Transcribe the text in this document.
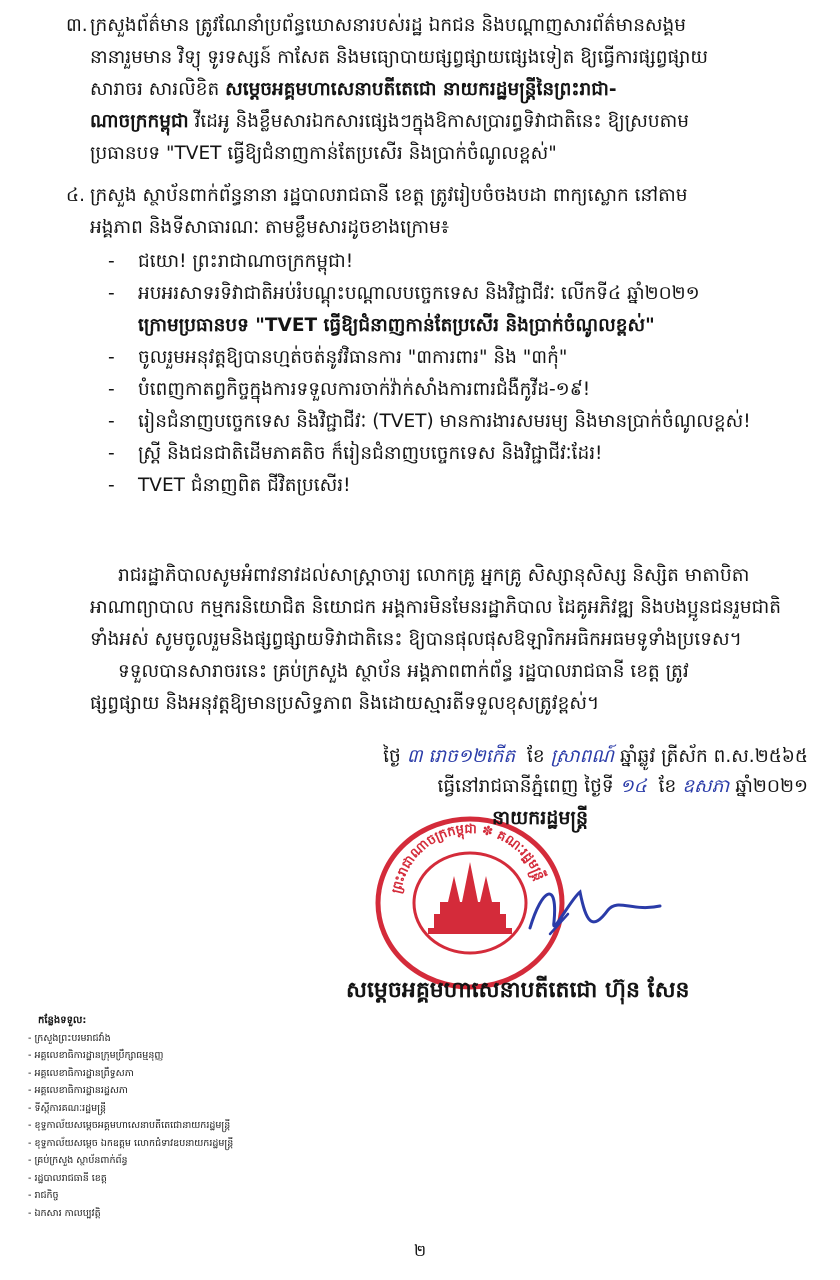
៣. ក្រសួងព័ត៌មាន ត្រូវណែនាំប្រព័ន្ធឃោសនារបស់រដ្ឋ ឯកជន និងបណ្តាញសារព័ត៌មានសង្គម
នានារួមមាន វិទ្យុ ទូរទស្សន៍ កាសែត និងមធ្យោបាយផ្សព្វផ្សាយផ្សេងទៀត ឱ្យធ្វើការផ្សព្វផ្សាយ
សារាចរ សារលិខិត សម្តេចអគ្គមហាសេនាបតីតេជោ នាយករដ្ឋមន្ត្រីនៃព្រះរាជា-
ណាចក្រកម្ពុជា វីដេអូ និងខ្លឹមសារឯកសារផ្សេងៗក្នុងឱកាសប្រារព្ធទិវាជាតិនេះ ឱ្យស្របតាម
ប្រធានបទ "TVET ធ្វើឱ្យជំនាញកាន់តែប្រសើរ និងប្រាក់ចំណូលខ្ពស់"
៤. ក្រសួង ស្ថាប័នពាក់ព័ន្ធនានា រដ្ឋបាលរាជធានី ខេត្ត ត្រូវរៀបចំចងបដា ពាក្យស្លោក នៅតាម
អង្គភាព និងទីសាធារណៈ តាមខ្លឹមសារដូចខាងក្រោម៖
- ជយោ! ព្រះរាជាណាចក្រកម្ពុជា!
- អបអរសាទរទិវាជាតិអប់រំបណ្តុះបណ្តាលបច្ចេកទេស និងវិជ្ជាជីវៈ លើកទី៤ ឆ្នាំ២០២១
ក្រោមប្រធានបទ "TVET ធ្វើឱ្យជំនាញកាន់តែប្រសើរ និងប្រាក់ចំណូលខ្ពស់"
- ចូលរួមអនុវត្តឱ្យបានហ្មត់ចត់នូវវិធានការ "៣ការពារ" និង "៣កុំ"
- បំពេញកាតព្វកិច្ចក្នុងការទទួលការចាក់វ៉ាក់សាំងការពារជំងឺកូវីដ-១៩!
- រៀនជំនាញបច្ចេកទេស និងវិជ្ជាជីវៈ (TVET) មានការងារសមរម្យ និងមានប្រាក់ចំណូលខ្ពស់!
- ស្ត្រី និងជនជាតិដើមភាគតិច ក៏រៀនជំនាញបច្ចេកទេស និងវិជ្ជាជីវៈដែរ!
- TVET ជំនាញពិត ជីវិតប្រសើរ!
រាជរដ្ឋាភិបាលសូមអំពាវនាវដល់សាស្ត្រាចារ្យ លោកគ្រូ អ្នកគ្រូ សិស្សានុសិស្ស និស្សិត មាតាបិតា
អាណាព្យាបាល កម្មករនិយោជិត និយោជក អង្គការមិនមែនរដ្ឋាភិបាល ដៃគូអភិវឌ្ឍ និងបងប្អូនជនរួមជាតិ
ទាំងអស់ សូមចូលរួមនិងផ្សព្វផ្សាយទិវាជាតិនេះ ឱ្យបានផុលផុសឱឡារិកអធិកអធមទូទាំងប្រទេស។
ទទួលបានសារាចរនេះ គ្រប់ក្រសួង ស្ថាប័ន អង្គភាពពាក់ព័ន្ធ រដ្ឋបាលរាជធានី ខេត្ត ត្រូវ
ផ្សព្វផ្សាយ និងអនុវត្តឱ្យមានប្រសិទ្ធភាព និងដោយស្មារតីទទួលខុសត្រូវខ្ពស់។
ថ្ងៃ ៣ រោច១២កើត ខែ ស្រាពណ៍ ឆ្នាំឆ្លូវ ត្រីស័ក ព.ស.២៥៦៥
ធ្វើនៅរាជធានីភ្នំពេញ ថ្ងៃទី ១៤ ខែ ឧសភា ឆ្នាំ២០២១
ព្រះរាជាណាចក្រកម្ពុជា ✽ គណៈរដ្ឋមន្ត្រី
នាយករដ្ឋមន្ត្រី
សម្តេចអគ្គមហាសេនាបតីតេជោ ហ៊ុន សែន
កន្លែងទទួល:
- ក្រសួងព្រះបរមរាជវាំង
- អគ្គលេខាធិការដ្ឋានក្រុមប្រឹក្សាធម្មនុញ្ញ
- អគ្គលេខាធិការដ្ឋានព្រឹទ្ធសភា
- អគ្គលេខាធិការដ្ឋានរដ្ឋសភា
- ទីស្តីការគណៈរដ្ឋមន្ត្រី
- ខុទ្ទកាល័យសម្តេចអគ្គមហាសេនាបតីតេជោនាយករដ្ឋមន្ត្រី
- ខុទ្ទកាល័យសម្តេច ឯកឧត្តម លោកជំទាវឧបនាយករដ្ឋមន្ត្រី
- គ្រប់ក្រសួង ស្ថាប័នពាក់ព័ន្ធ
- រដ្ឋបាលរាជធានី ខេត្ត
- រាជកិច្ច
- ឯកសារ កាលប្បវត្តិ
២
